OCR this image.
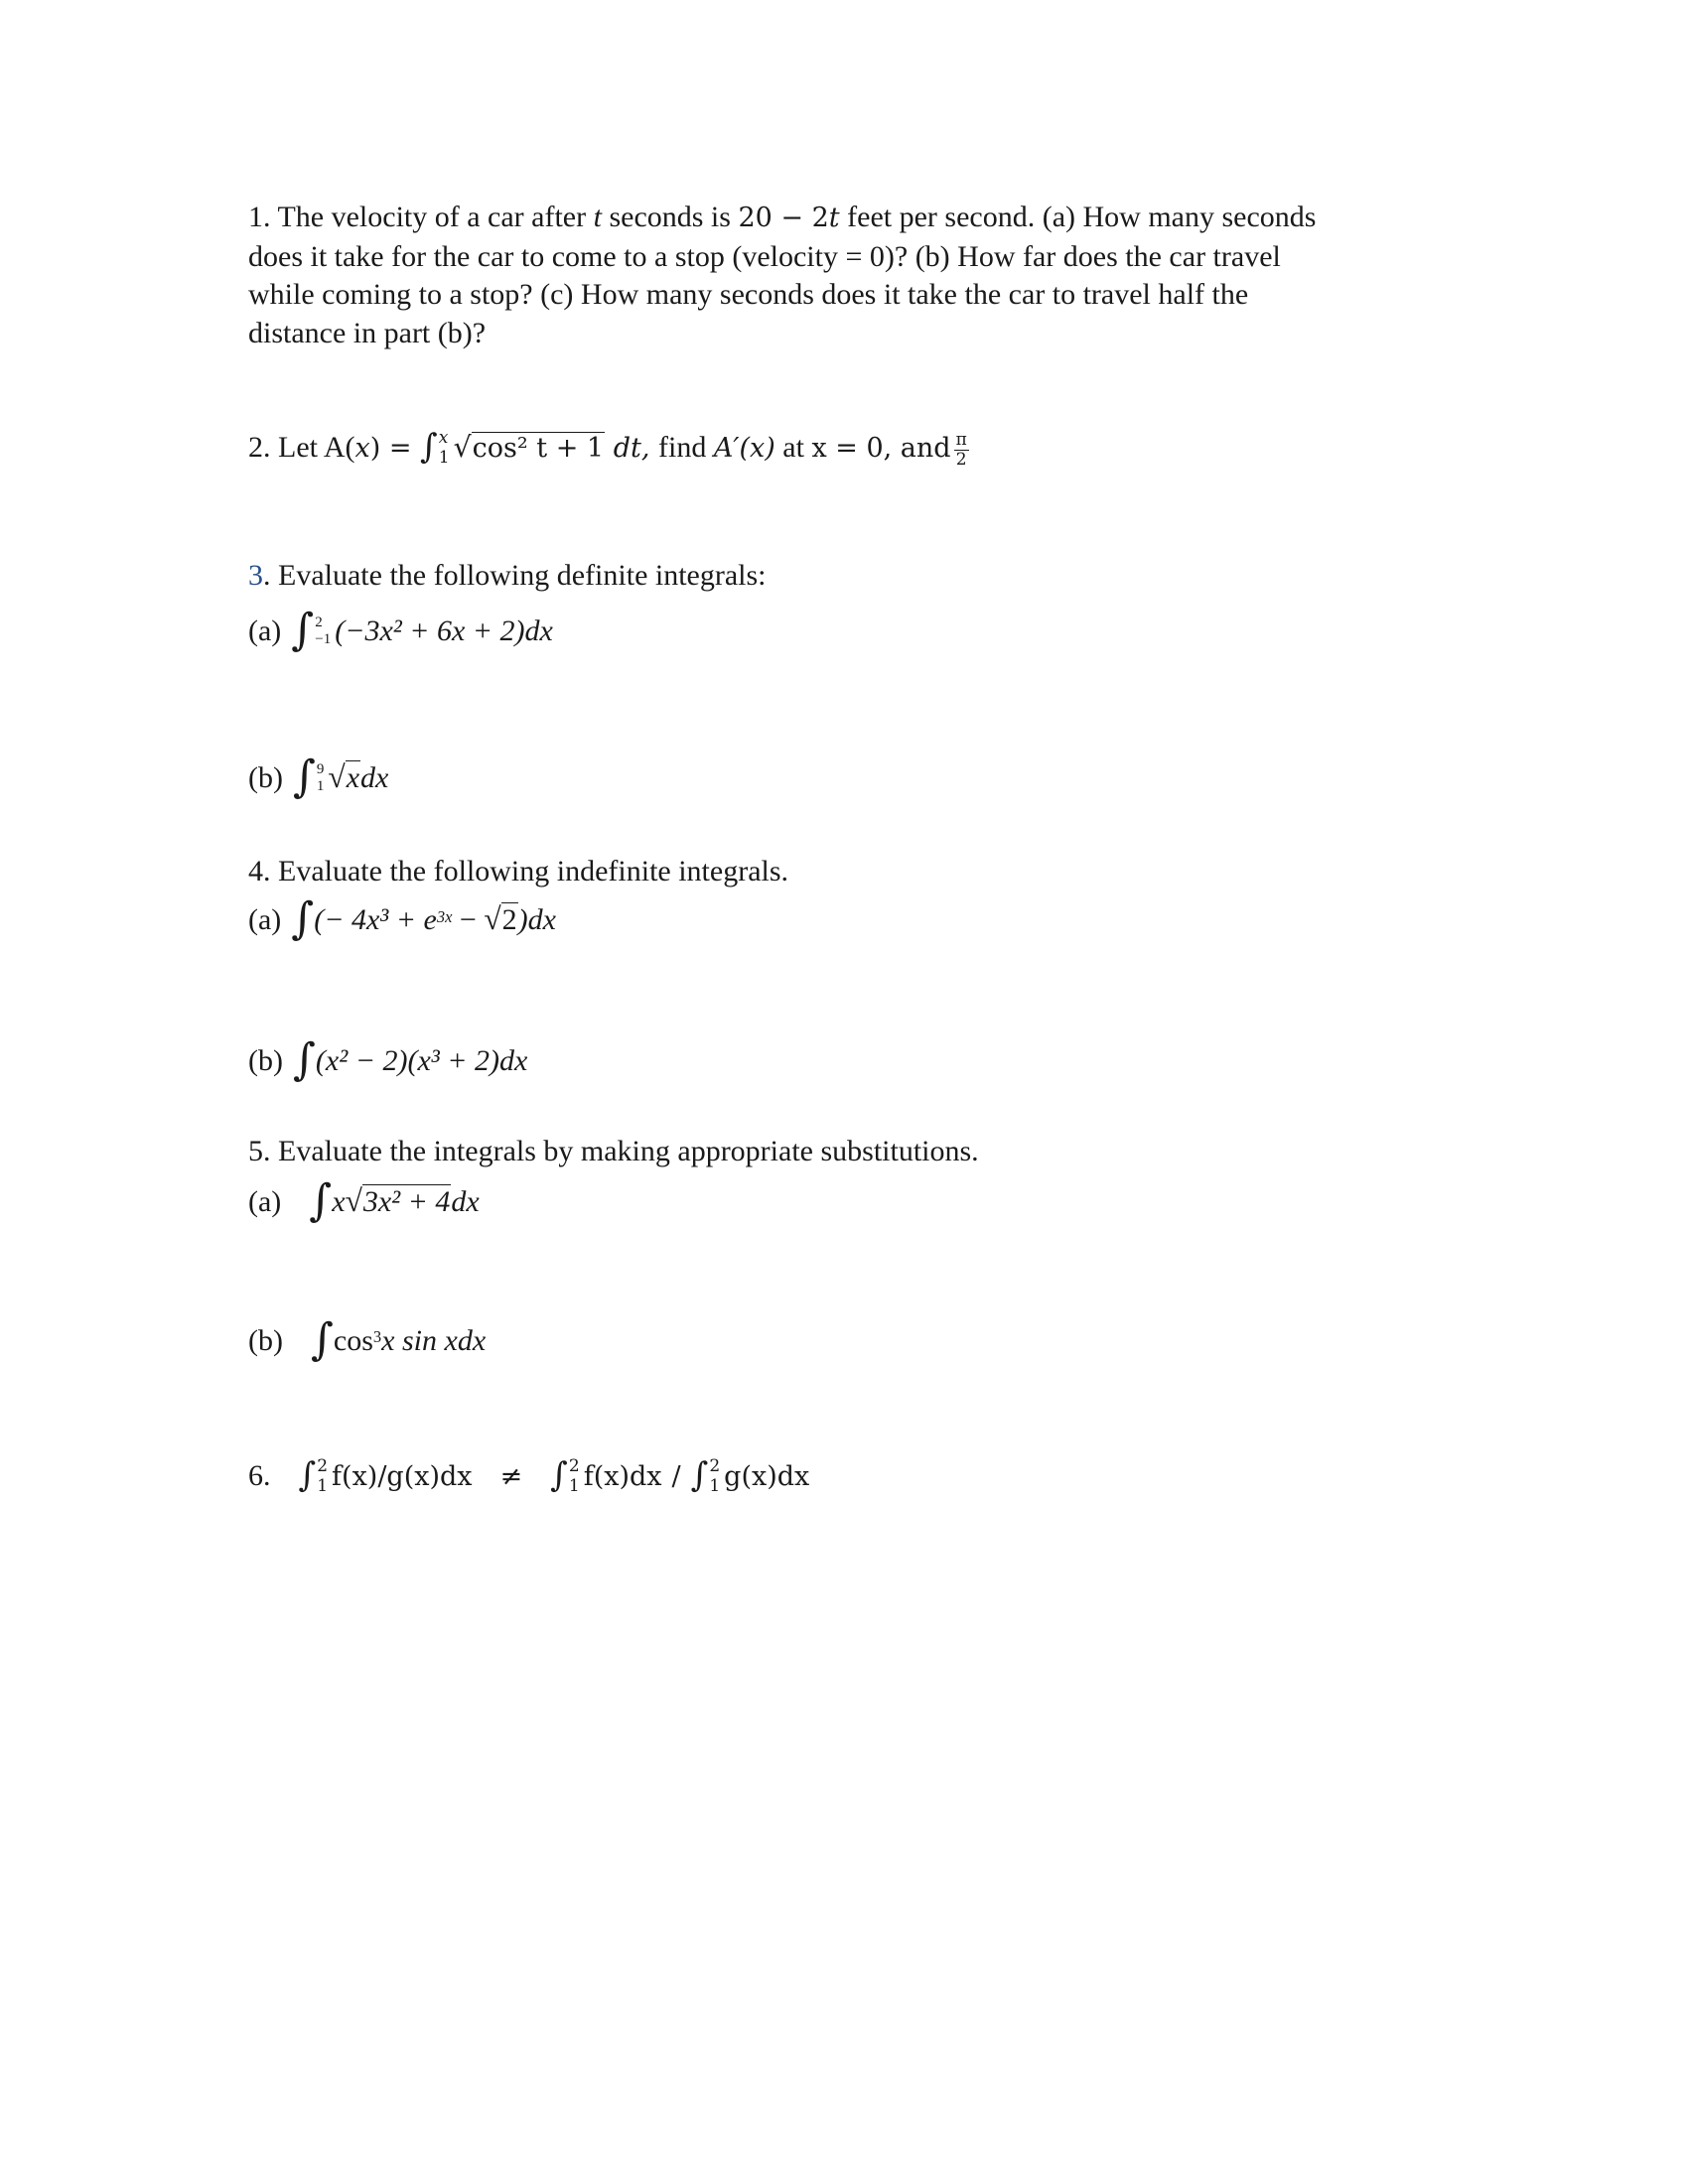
1. The velocity of a car after t seconds is 20 − 2t feet per second. (a) How many seconds
does it take for the car to come to a stop (velocity = 0)? (b) How far does the car travel
while coming to a stop? (c) How many seconds does it take the car to travel half the
distance in part (b)?
2. Let A(x) = ∫ x
1 √cos² t + 1 dt, find A′(x) at x = 0, and $\frac{\pi}{2}$
3. Evaluate the following definite integrals:
(a) ∫ 2
−1 (−3x² + 6x + 2)dx
(b) ∫ 9
1 √xdx
4. Evaluate the following indefinite integrals.
(a) ∫(− $4x^3 + e^{3x} - √2)dx$
(b) ∫(x² − 2)(x³ + 2)dx
5. Evaluate the integrals by making appropriate substitutions.
(a) ∫x√3x² + 4dx
(b) $\int\cos^3x$ sin xdx
6. ∫ 2
1 f(x)/g(x)dx ≠ ∫ 2
1 f(x)dx / ∫ 2
1 g(x)dx
